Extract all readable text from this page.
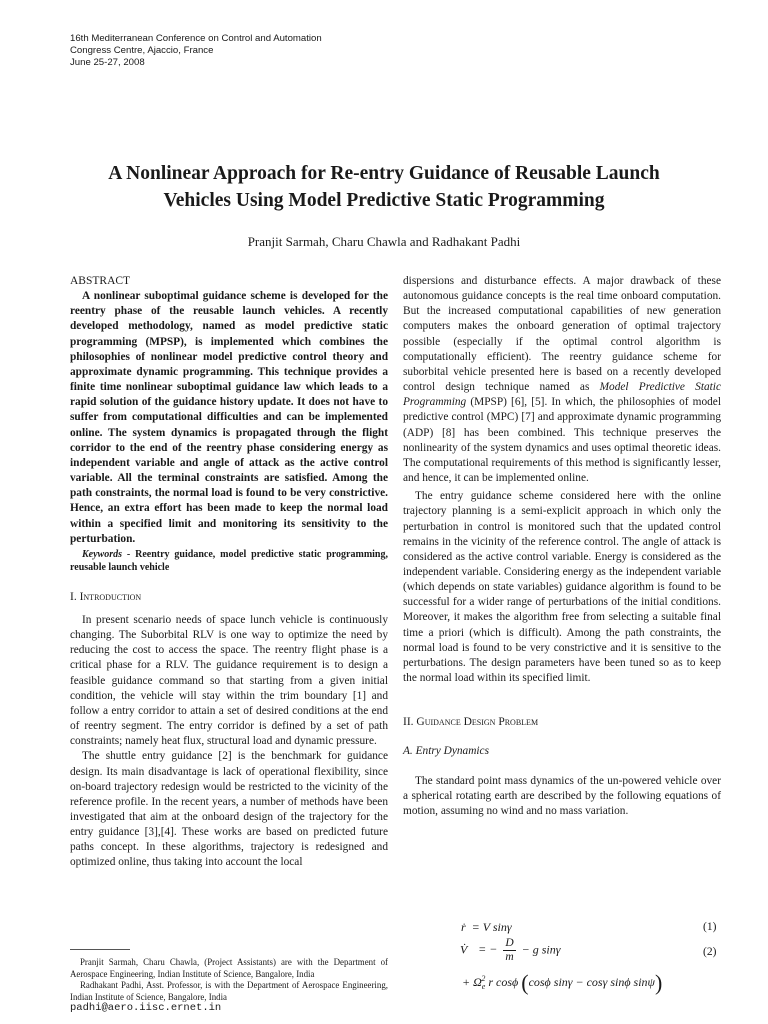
16th Mediterranean Conference on Control and Automation
Congress Centre, Ajaccio, France
June 25-27, 2008
A Nonlinear Approach for Re-entry Guidance of Reusable Launch
Vehicles Using Model Predictive Static Programming
Pranjit Sarmah, Charu Chawla and Radhakant Padhi

ABSTRACT

A nonlinear suboptimal guidance scheme is developed for the reentry phase of the reusable launch vehicles. A recently developed methodology, named as model predictive static programming (MPSP), is implemented which combines the philosophies of nonlinear model predictive control theory and approximate dynamic programming. This technique provides a finite time nonlinear suboptimal guidance law which leads to a rapid solution of the guidance history update. It does not have to suffer from computational difficulties and can be implemented online. The system dynamics is propagated through the flight corridor to the end of the reentry phase considering energy as independent variable and angle of attack as the active control variable. All the terminal constraints are satisfied. Among the path constraints, the normal load is found to be very constrictive. Hence, an extra effort has been made to keep the normal load within a specified limit and monitoring its sensitivity to the perturbation.

Keywords - Reentry guidance, model predictive static programming, reusable launch vehicle

I. Introduction

In present scenario needs of space lunch vehicle is continuously changing. The Suborbital RLV is one way to optimize the need by reducing the cost to access the space. The reentry flight phase is a critical phase for a RLV. The guidance requirement is to design a feasible guidance command so that starting from a given initial condition, the vehicle will stay within the trim boundary [1] and follow a entry corridor to attain a set of desired conditions at the end of reentry segment. The entry corridor is defined by a set of path constraints; namely heat flux, structural load and dynamic pressure.

The shuttle entry guidance [2] is the benchmark for guidance design. Its main disadvantage is lack of operational flexibility, since on-board trajectory redesign would be restricted to the vicinity of the reference profile. In the recent years, a number of methods have been investigated that aim at the onboard design of the trajectory for the entry guidance [3],[4]. These works are based on predicted future paths concept. In these algorithms, trajectory is redesigned and optimized online, thus taking into account the local

Pranjit Sarmah, Charu Chawla, (Project Assistants) are with the Department of Aerospace Engineering, Indian Institute of Science, Bangalore, India

Radhakant Padhi, Asst. Professor, is with the Department of Aerospace Engineering, Indian Institute of Science, Bangalore, India

padhi@aero.iisc.ernet.in

dispersions and disturbance effects. A major drawback of these autonomous guidance concepts is the real time onboard computation. But the increased computational capabilities of new generation computers makes the onboard generation of optimal trajectory possible (especially if the optimal control algorithm is computationally efficient). The reentry guidance scheme for suborbital vehicle presented here is based on a recently developed control design technique named as Model Predictive Static Programming (MPSP) [6], [5]. In which, the philosophies of model predictive control (MPC) [7] and approximate dynamic programming (ADP) [8] has been combined. This technique preserves the nonlinearity of the system dynamics and uses optimal theoretic ideas. The computational requirements of this method is significantly lesser, and hence, it can be implemented online.

The entry guidance scheme considered here with the online trajectory planning is a semi-explicit approach in which only the perturbation in control is monitored such that the updated control remains in the vicinity of the reference control. The angle of attack is considered as the active control variable. Energy is considered as the independent variable. Considering energy as the independent variable (which depends on state variables) guidance algorithm is found to be successful for a wider range of perturbations of the initial conditions. Moreover, it makes the algorithm free from selecting a suitable final time a priori (which is difficult). Among the path constraints, the normal load is found to be very constrictive and it is sensitive to the perturbations. The design parameters have been tuned so as to keep the normal load within its specified limit.

II. Guidance Design Problem

A. Entry Dynamics

The standard point mass dynamics of the un-powered vehicle over a spherical rotating earth are described by the following equations of motion, assuming no wind and no mass variation.

ṙ = V sinγ	(1)
V̇ = − $\frac{D}{m} - g$ sinγ	(2)
+ $\Omega_e^2$ r cosϕ (cosϕ sinγ − cosγ sinϕ sinψ)
